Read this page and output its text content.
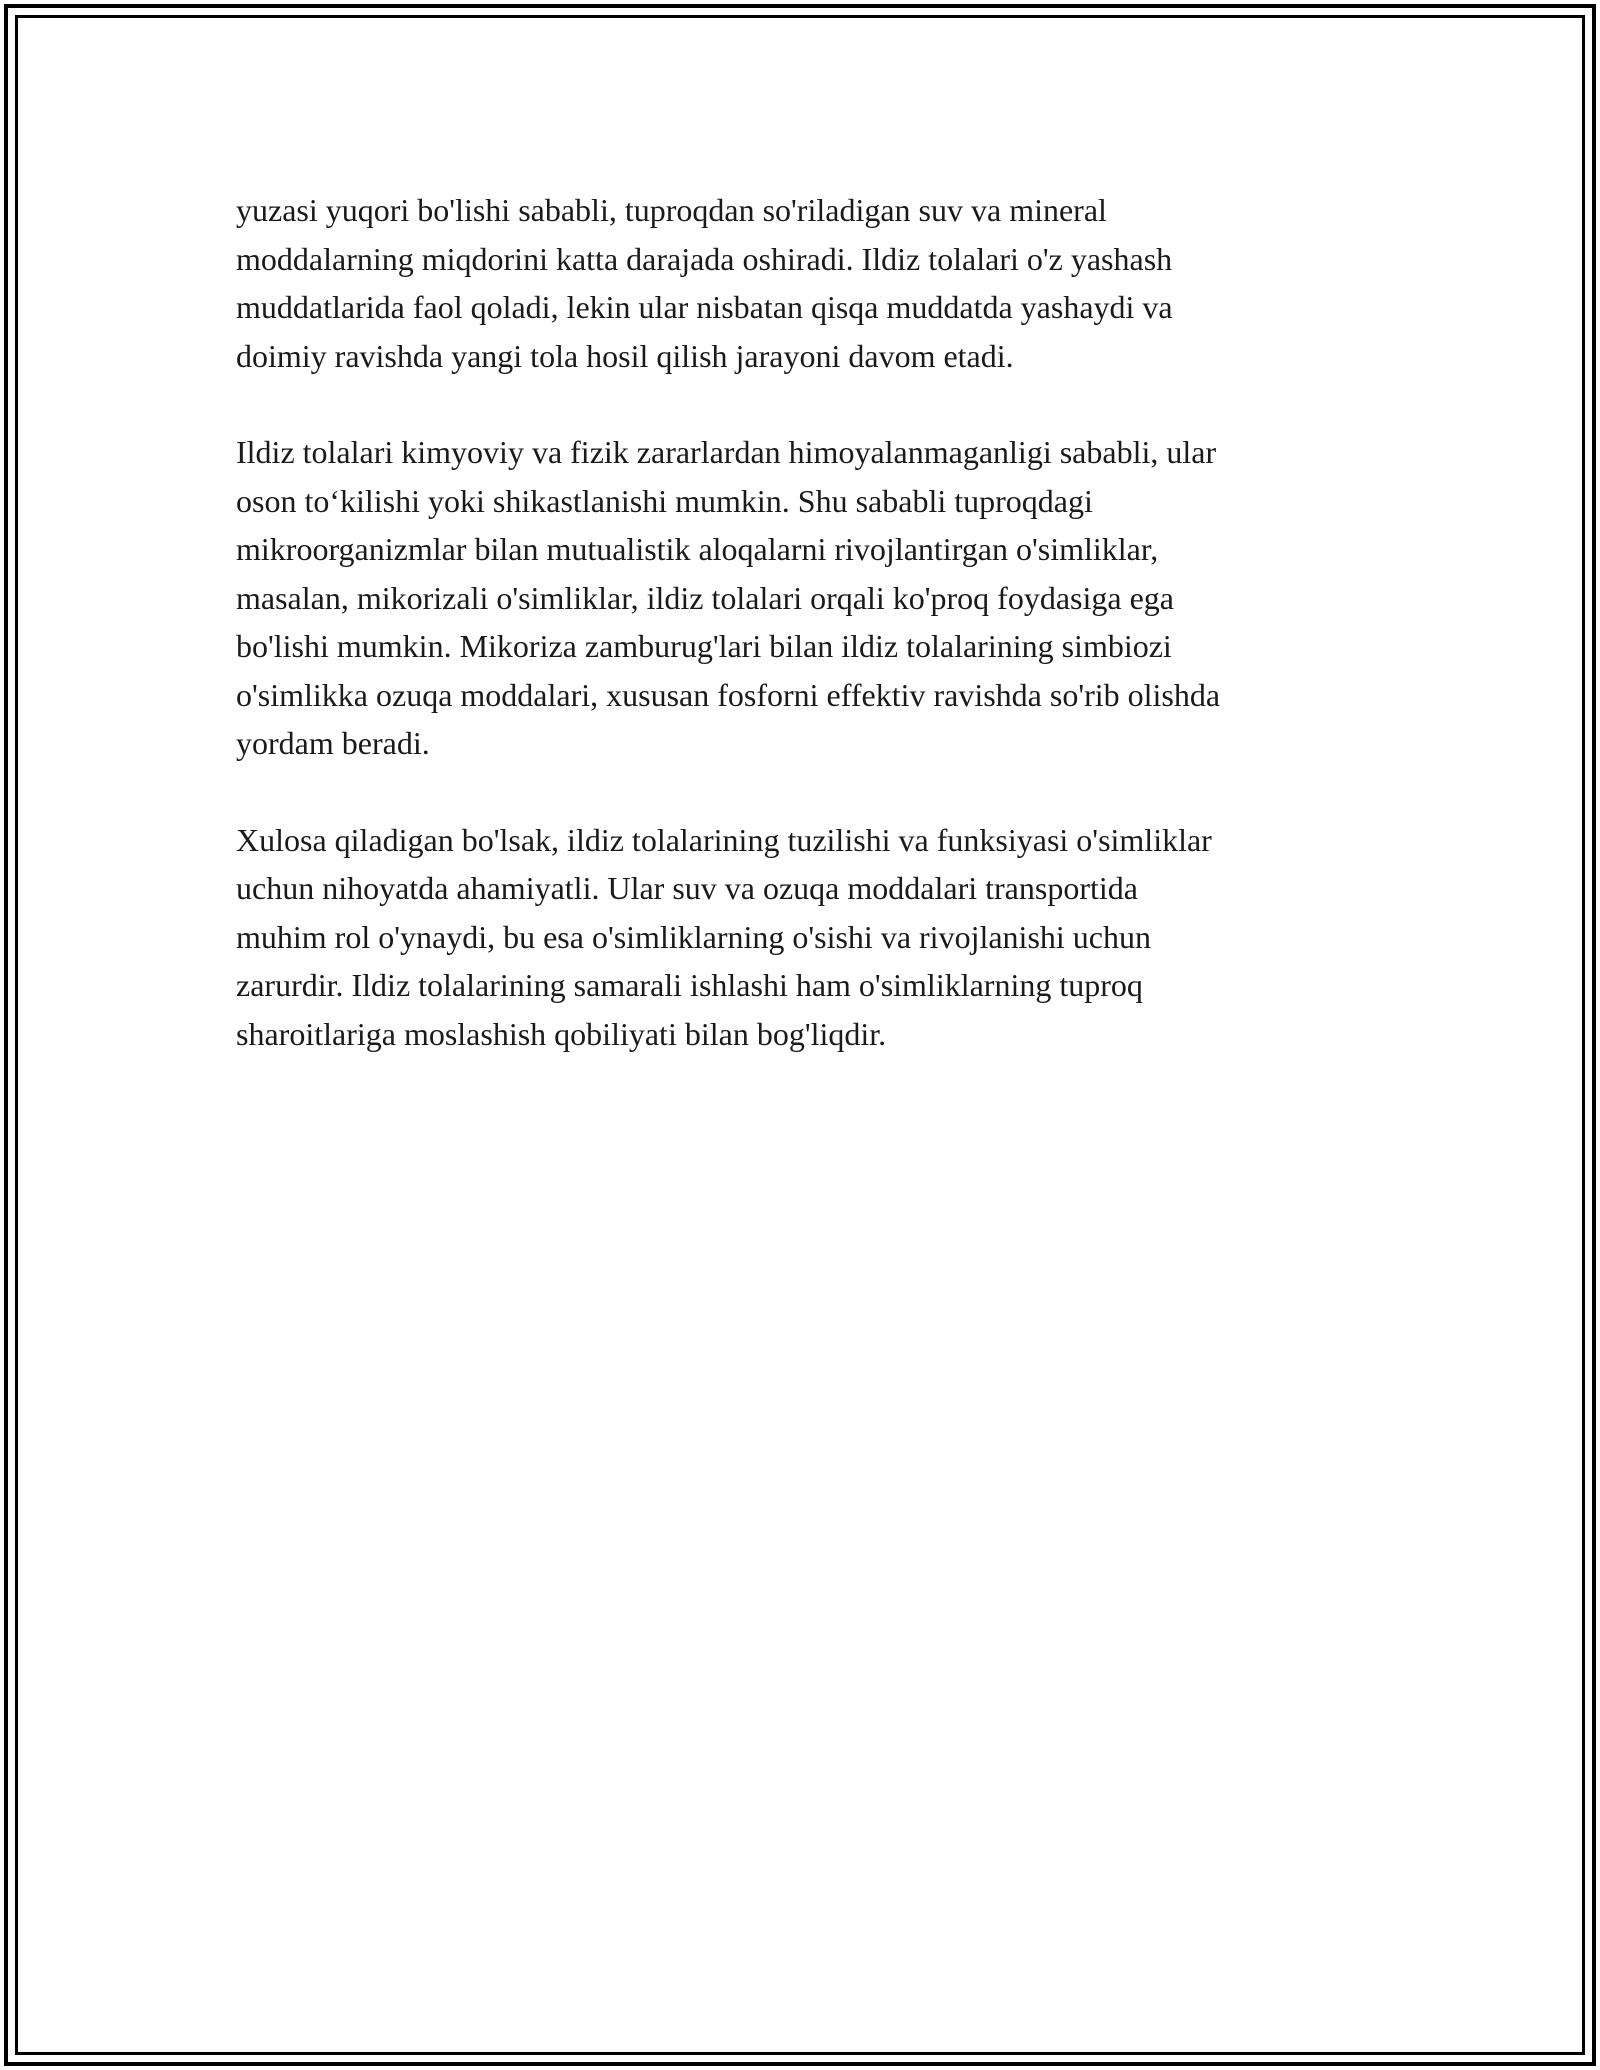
yuzasi yuqori bo'lishi sababli, tuproqdan so'riladigan suv va mineral
moddalarning miqdorini katta darajada oshiradi. Ildiz tolalari o'z yashash
muddatlarida faol qoladi, lekin ular nisbatan qisqa muddatda yashaydi va
doimiy ravishda yangi tola hosil qilish jarayoni davom etadi.

Ildiz tolalari kimyoviy va fizik zararlardan himoyalanmaganligi sababli, ular
oson to‘kilishi yoki shikastlanishi mumkin. Shu sababli tuproqdagi
mikroorganizmlar bilan mutualistik aloqalarni rivojlantirgan o'simliklar,
masalan, mikorizali o'simliklar, ildiz tolalari orqali ko'proq foydasiga ega
bo'lishi mumkin. Mikoriza zamburug'lari bilan ildiz tolalarining simbiozi
o'simlikka ozuqa moddalari, xususan fosforni effektiv ravishda so'rib olishda
yordam beradi.

Xulosa qiladigan bo'lsak, ildiz tolalarining tuzilishi va funksiyasi o'simliklar
uchun nihoyatda ahamiyatli. Ular suv va ozuqa moddalari transportida
muhim rol o'ynaydi, bu esa o'simliklarning o'sishi va rivojlanishi uchun
zarurdir. Ildiz tolalarining samarali ishlashi ham o'simliklarning tuproq
sharoitlariga moslashish qobiliyati bilan bog'liqdir.
